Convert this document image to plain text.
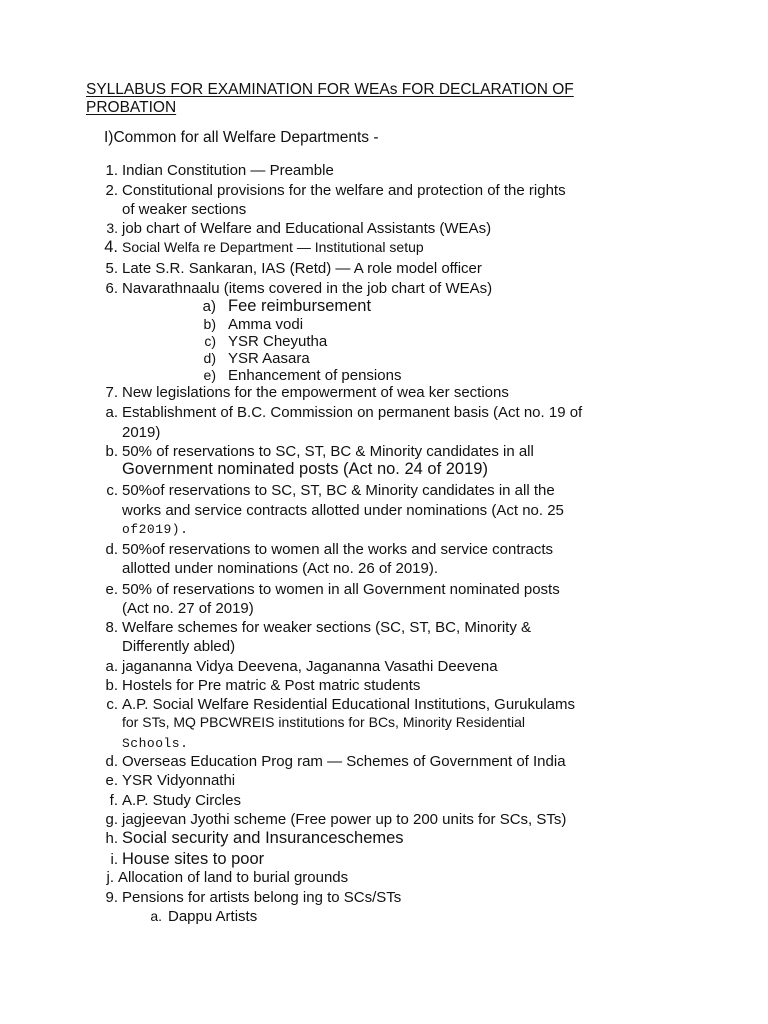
SYLLABUS FOR EXAMINATION FOR WEAs FOR DECLARATION OF PROBATION
I)Common for all Welfare Departments -
1. Indian Constitution — Preamble
2. Constitutional provisions for the welfare and protection of the rights
of weaker sections
3. job chart of Welfare and Educational Assistants (WEAs)
4. Social Welfa re Department — Institutional setup
5. Late S.R. Sankaran, IAS (Retd) — A role model officer
6. Navarathnaalu (items covered in the job chart of WEAs)
a) Fee reimbursement
b) Amma vodi
c) YSR Cheyutha
d) YSR Aasara
e) Enhancement of pensions
7. New legislations for the empowerment of wea ker sections
a. Establishment of B.C. Commission on permanent basis (Act no. 19 of
2019)
b. 50% of reservations to SC, ST, BC & Minority candidates in all
Government nominated posts (Act no. 24 of 2019)
c. 50%of reservations to SC, ST, BC & Minority candidates in all the
works and service contracts allotted under nominations (Act no. 25
of2019).
d. 50%of reservations to women all the works and service contracts
allotted under nominations (Act no. 26 of 2019).
e. 50% of reservations to women in all Government nominated posts
(Act no. 27 of 2019)
8. Welfare schemes for weaker sections (SC, ST, BC, Minority &
Differently abled)
a. jagananna Vidya Deevena, Jagananna Vasathi Deevena
b. Hostels for Pre matric & Post matric students
c. A.P. Social Welfare Residential Educational Institutions, Gurukulams
for STs, MQ PBCWREIS institutions for BCs, Minority Residential
Schools.
d. Overseas Education Prog ram — Schemes of Government of India
e. YSR Vidyonnathi
f. A.P. Study Circles
g. jagjeevan Jyothi scheme (Free power up to 200 units for SCs, STs)
h. Social security and Insuranceschemes
i. House sites to poor
j. Allocation of land to burial grounds
9. Pensions for artists belong ing to SCs/STs
a. Dappu Artists
